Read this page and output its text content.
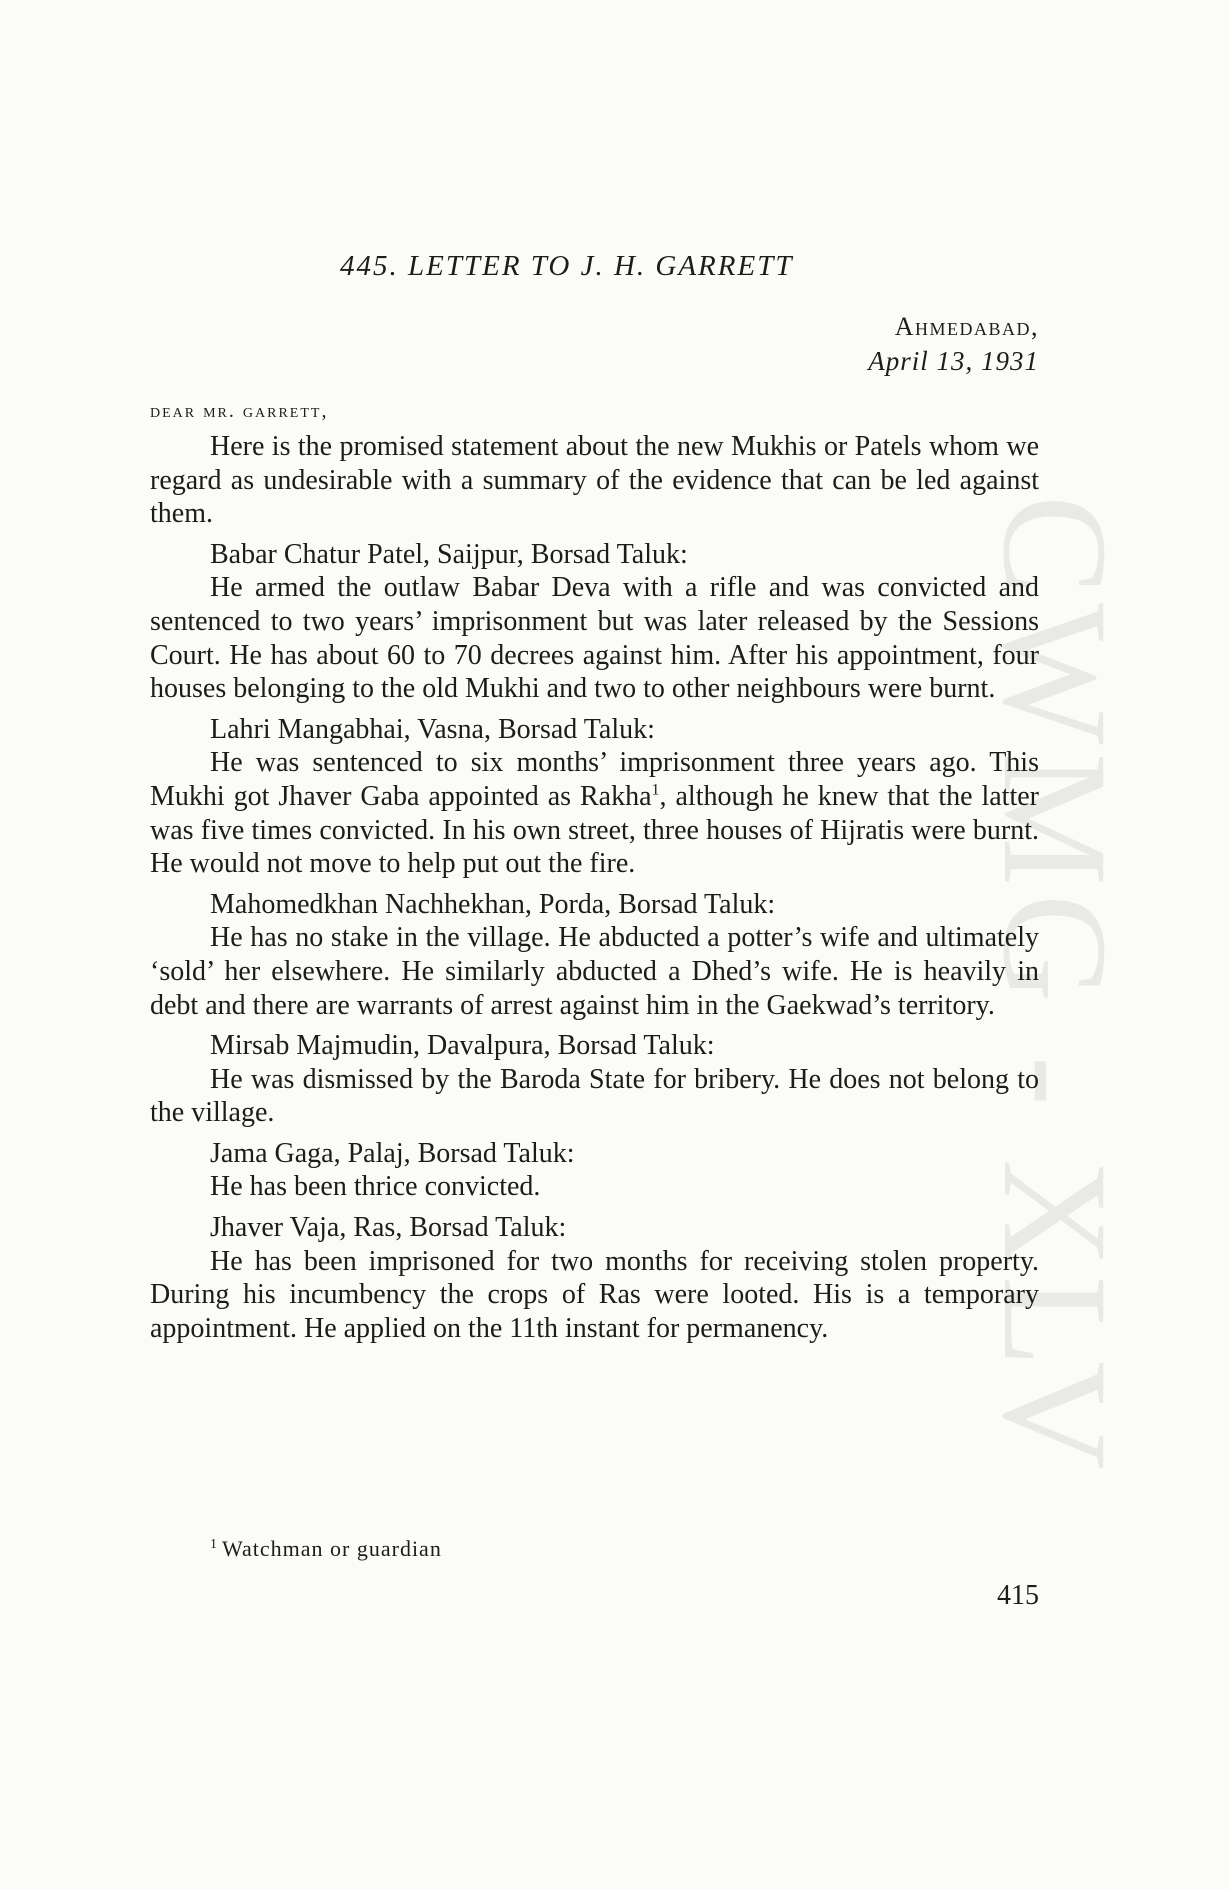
CWMG - XLV
445. LETTER TO J. H. GARRETT
Ahmedabad,
April 13, 1931
dear mr. garrett,

Here is the promised statement about the new Mukhis or Patels whom we regard as undesirable with a summary of the evidence that can be led against them.

Babar Chatur Patel, Saijpur, Borsad Taluk:

He armed the outlaw Babar Deva with a rifle and was convicted and sentenced to two years’ imprisonment but was later released by the Sessions Court. He has about 60 to 70 decrees against him. After his appointment, four houses belonging to the old Mukhi and two to other neighbours were burnt.

Lahri Mangabhai, Vasna, Borsad Taluk:

He was sentenced to six months’ imprisonment three years ago. This Mukhi got Jhaver Gaba appointed as Rakha$^1$, although he knew that the latter was five times convicted. In his own street, three houses of Hijratis were burnt. He would not move to help put out the fire.

Mahomedkhan Nachhekhan, Porda, Borsad Taluk:

He has no stake in the village. He abducted a potter’s wife and ultimately ‘sold’ her elsewhere. He similarly abducted a Dhed’s wife. He is heavily in debt and there are warrants of arrest against him in the Gaekwad’s territory.

Mirsab Majmudin, Davalpura, Borsad Taluk:

He was dismissed by the Baroda State for bribery. He does not belong to the village.

Jama Gaga, Palaj, Borsad Taluk:

He has been thrice convicted.

Jhaver Vaja, Ras, Borsad Taluk:

He has been imprisoned for two months for receiving stolen property. During his incumbency the crops of Ras were looted. His is a temporary appointment. He applied on the 11th instant for permanency.

$^1$ Watchman or guardian
415
